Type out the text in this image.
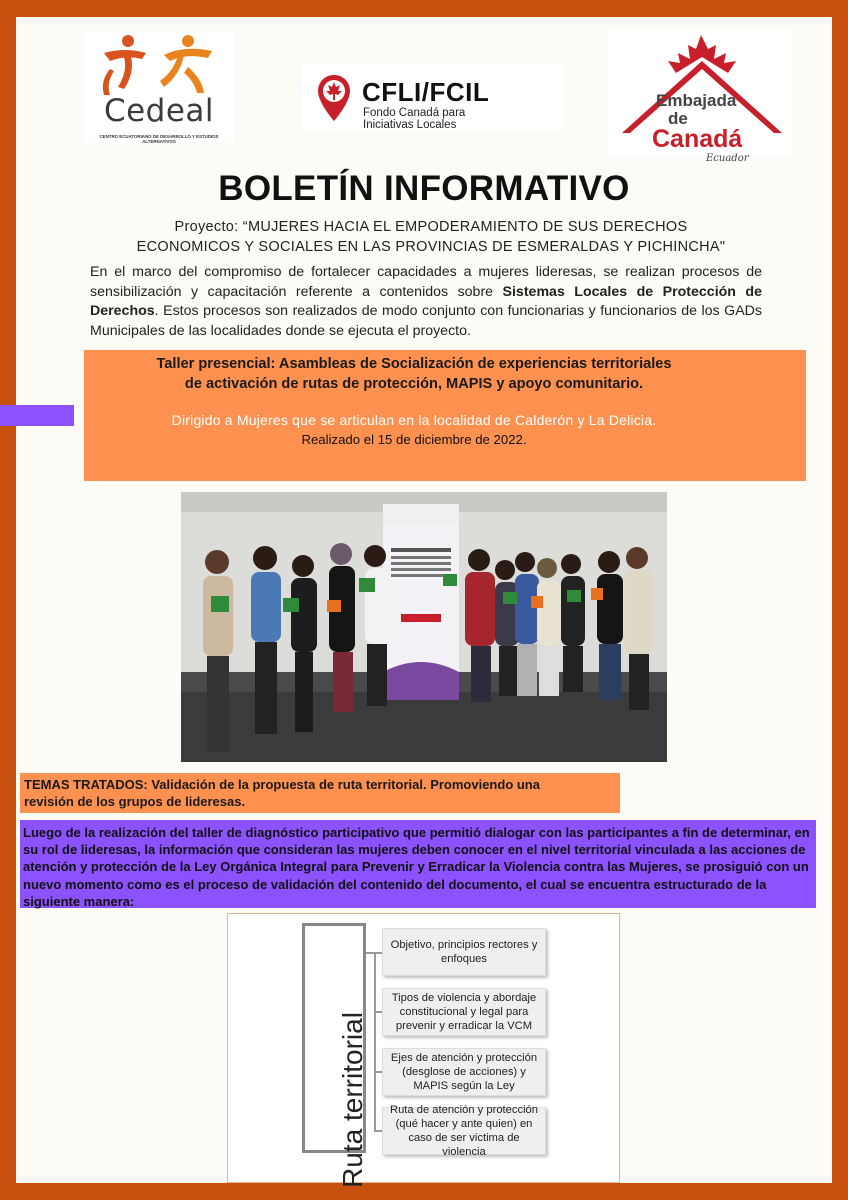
Cedeal
CENTRO ECUATORIANO DE DESARROLLO Y ESTUDIOS ALTERNATIVOS
CFLI/FCIL
Fondo Canadá para
Iniciativas Locales
Embajada
de
Canadá
Ecuador
BOLETÍN INFORMATIVO
Proyecto: “MUJERES HACIA EL EMPODERAMIENTO DE SUS DERECHOS
ECONOMICOS Y SOCIALES EN LAS PROVINCIAS DE ESMERALDAS Y PICHINCHA"
En el marco del compromiso de fortalecer capacidades a mujeres lideresas, se realizan procesos de sensibilización y capacitación referente a contenidos sobre Sistemas Locales de Protección de Derechos. Estos procesos son realizados de modo conjunto con funcionarias y funcionarios de los GADs Municipales de las localidades donde se ejecuta el proyecto.
Taller presencial: Asambleas de Socialización de experiencias territoriales
de activación de rutas de protección, MAPIS y apoyo comunitario.
Dirigido a Mujeres que se articulan en la localidad de Calderón y La Delicia.
Realizado el 15 de diciembre de 2022.
TEMAS TRATADOS: Validación de la propuesta de ruta territorial. Promoviendo una
revisión de los grupos de lideresas.
Luego de la realización del taller de diagnóstico participativo que permitió dialogar con las participantes a fin de determinar, en su rol de lideresas, la información que consideran las mujeres deben conocer en el nivel territorial vinculada a las acciones de atención y protección de la Ley Orgánica Integral para Prevenir y Erradicar la Violencia contra las Mujeres, se prosiguió con un nuevo momento como es el proceso de validación del contenido del documento, el cual se encuentra estructurado de la siguiente manera:
Ruta territorial
Objetivo, principios rectores y enfoques
Tipos de violencia y abordaje constitucional y legal para prevenir y erradicar la VCM
Ejes de atención y protección (desglose de acciones) y MAPIS según la Ley
Ruta de atención y protección (qué hacer y ante quien) en caso de ser victima de violencia
